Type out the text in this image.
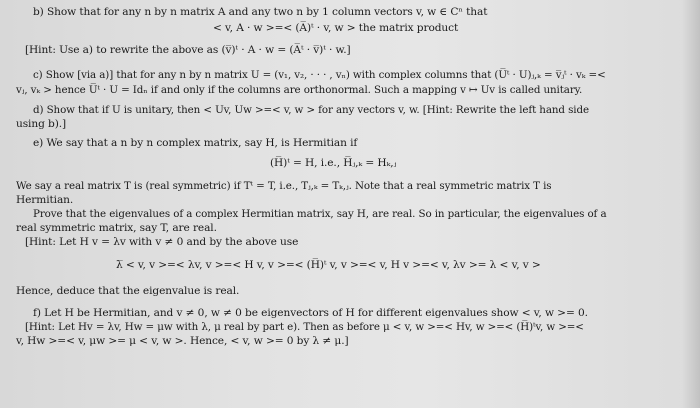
b) Show that for any n by n matrix A and any two n by 1 column vectors v, w ∈ Cⁿ that
< v, A · w >=< (A̅)ᵗ · v, w > the matrix product
[Hint: Use a) to rewrite the above as (v̅)ᵗ · A · w = (A̅ᵗ · v̅)ᵗ · w.]
c) Show [via a)] that for any n by n matrix U = (v₁, v₂, · · · , vₙ) with complex columns that (U̅ᵗ · U)ⱼ,ₖ = v̅ⱼᵗ · vₖ =<
vⱼ, vₖ > hence U̅ᵗ · U = Idₙ if and only if the columns are orthonormal. Such a mapping v ↦ Uv is called unitary.
d) Show that if U is unitary, then < Uv, Uw >=< v, w > for any vectors v, w. [Hint: Rewrite the left hand side
using b).]
e) We say that a n by n complex matrix, say H, is Hermitian if
(H̅)ᵗ = H, i.e., H̅ⱼ,ₖ = Hₖ,ⱼ
We say a real matrix T is (real symmetric) if Tᵗ = T, i.e., Tⱼ,ₖ = Tₖ,ⱼ. Note that a real symmetric matrix T is
Hermitian.
Prove that the eigenvalues of a complex Hermitian matrix, say H, are real. So in particular, the eigenvalues of a
real symmetric matrix, say T, are real.
[Hint: Let H v = λv with v ≠ 0 and by the above use
λ̅ < v, v >=< λv, v >=< H v, v >=< (H̅)ᵗ v, v >=< v, H v >=< v, λv >= λ < v, v >
Hence, deduce that the eigenvalue is real.
f) Let H be Hermitian, and v ≠ 0, w ≠ 0 be eigenvectors of H for different eigenvalues show < v, w >= 0.
[Hint: Let Hv = λv, Hw = μw with λ, μ real by part e). Then as before μ < v, w >=< Hv, w >=< (H̅)ᵗv, w >=<
v, Hw >=< v, μw >= μ < v, w >. Hence, < v, w >= 0 by λ ≠ μ.]
